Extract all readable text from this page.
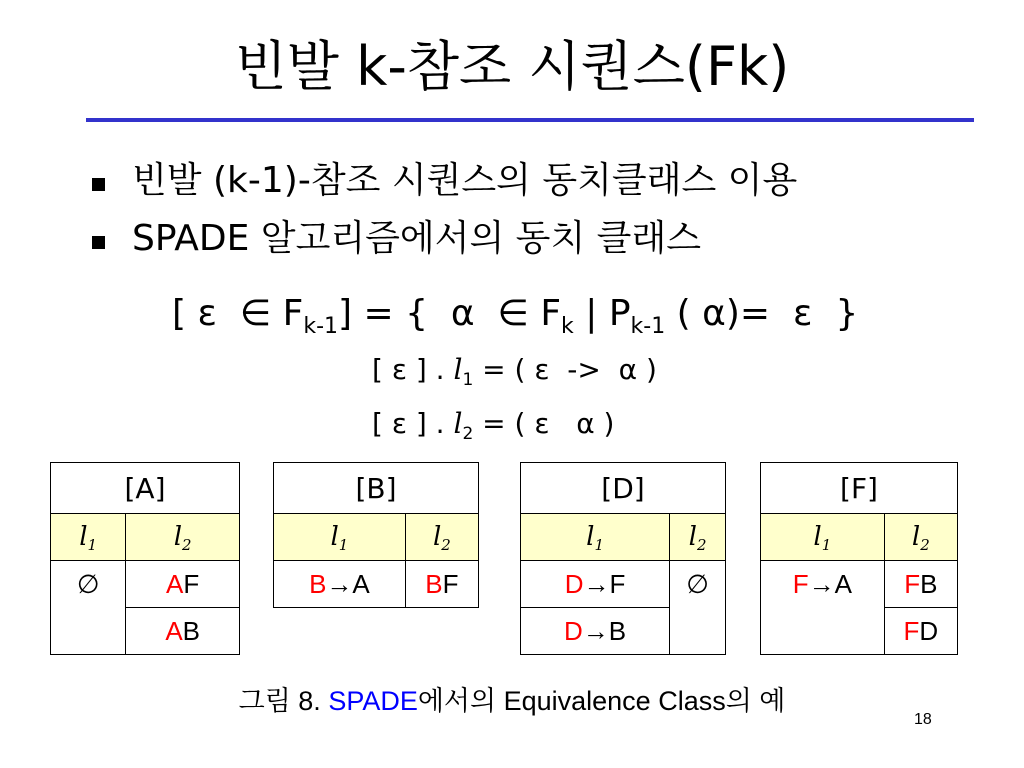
빈발 k-참조 시퀀스(Fk)
빈발 (k-1)-참조 시퀀스의 동치클래스 이용
SPADE 알고리즘에서의 동치 클래스
[ ε  ∈ $F_{k-1}$] = {  α  ∈ $F_k$ | $P_{k-1}$ ( α)=  ε  }
[ ε ] . $l_1$ = ( ε  ->  α )
[ ε ] . $l_2$ = ( ε   α )
[A]	
$l_1$	$l_2$
∅	AF
	AB
[B]	
$l_1$	$l_2$
B→A	BF
[D]	
$l_1$	$l_2$
D→F	∅
D→B	
[F]	
$l_1$	$l_2$
F→A	FB
	FD
그림 8. SPADE에서의 Equivalence Class의 예
18
